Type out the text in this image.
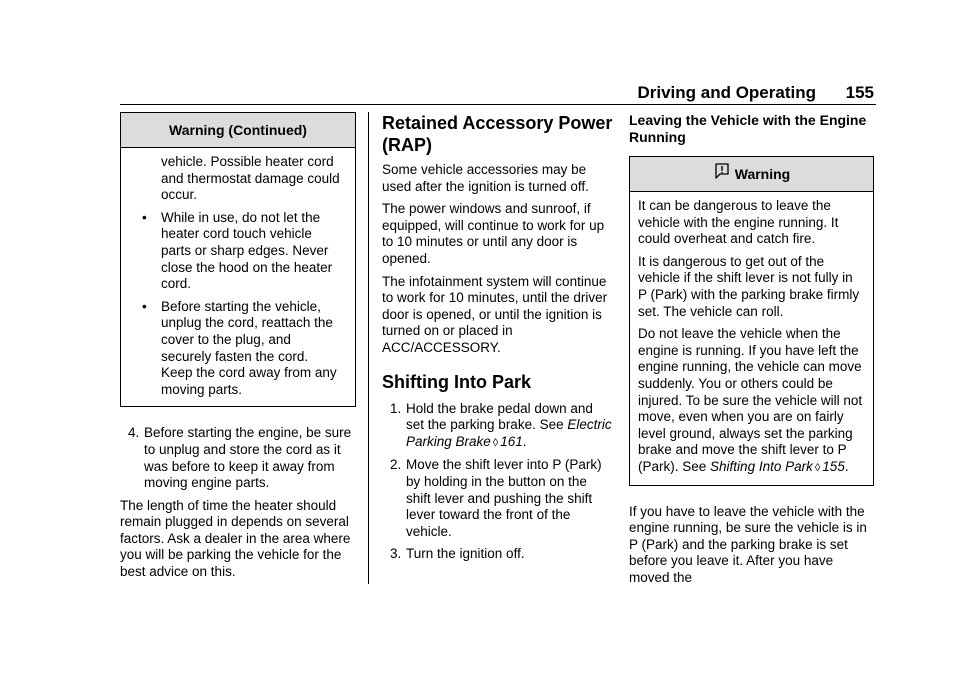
Driving and Operating 155
Warning (Continued)

vehicle. Possible heater cord and thermostat damage could occur.

• While in use, do not let the heater cord touch vehicle parts or sharp edges. Never close the hood on the heater cord.
• Before starting the vehicle, unplug the cord, reattach the cover to the plug, and securely fasten the cord. Keep the cord away from any moving parts.
4. Before starting the engine, be sure to unplug and store the cord as it was before to keep it away from moving engine parts.

The length of time the heater should remain plugged in depends on several factors. Ask a dealer in the area where you will be parking the vehicle for the best advice on this.

Retained Accessory Power (RAP)

Some vehicle accessories may be used after the ignition is turned off.

The power windows and sunroof, if equipped, will continue to work for up to 10 minutes or until any door is opened.

The infotainment system will continue to work for 10 minutes, until the driver door is opened, or until the ignition is turned on or placed in ACC/ACCESSORY.

Shifting Into Park
1. Hold the brake pedal down and set the parking brake. See Electric Parking Brake ◊ 161.
2. Move the shift lever into P (Park) by holding in the button on the shift lever and pushing the shift lever toward the front of the vehicle.
3. Turn the ignition off.
Leaving the Vehicle with the Engine Running
Warning

It can be dangerous to leave the vehicle with the engine running. It could overheat and catch fire.

It is dangerous to get out of the vehicle if the shift lever is not fully in P (Park) with the parking brake firmly set. The vehicle can roll.

Do not leave the vehicle when the engine is running. If you have left the engine running, the vehicle can move suddenly. You or others could be injured. To be sure the vehicle will not move, even when you are on fairly level ground, always set the parking brake and move the shift lever to P (Park). See Shifting Into Park ◊ 155.

If you have to leave the vehicle with the engine running, be sure the vehicle is in P (Park) and the parking brake is set before you leave it. After you have moved the
